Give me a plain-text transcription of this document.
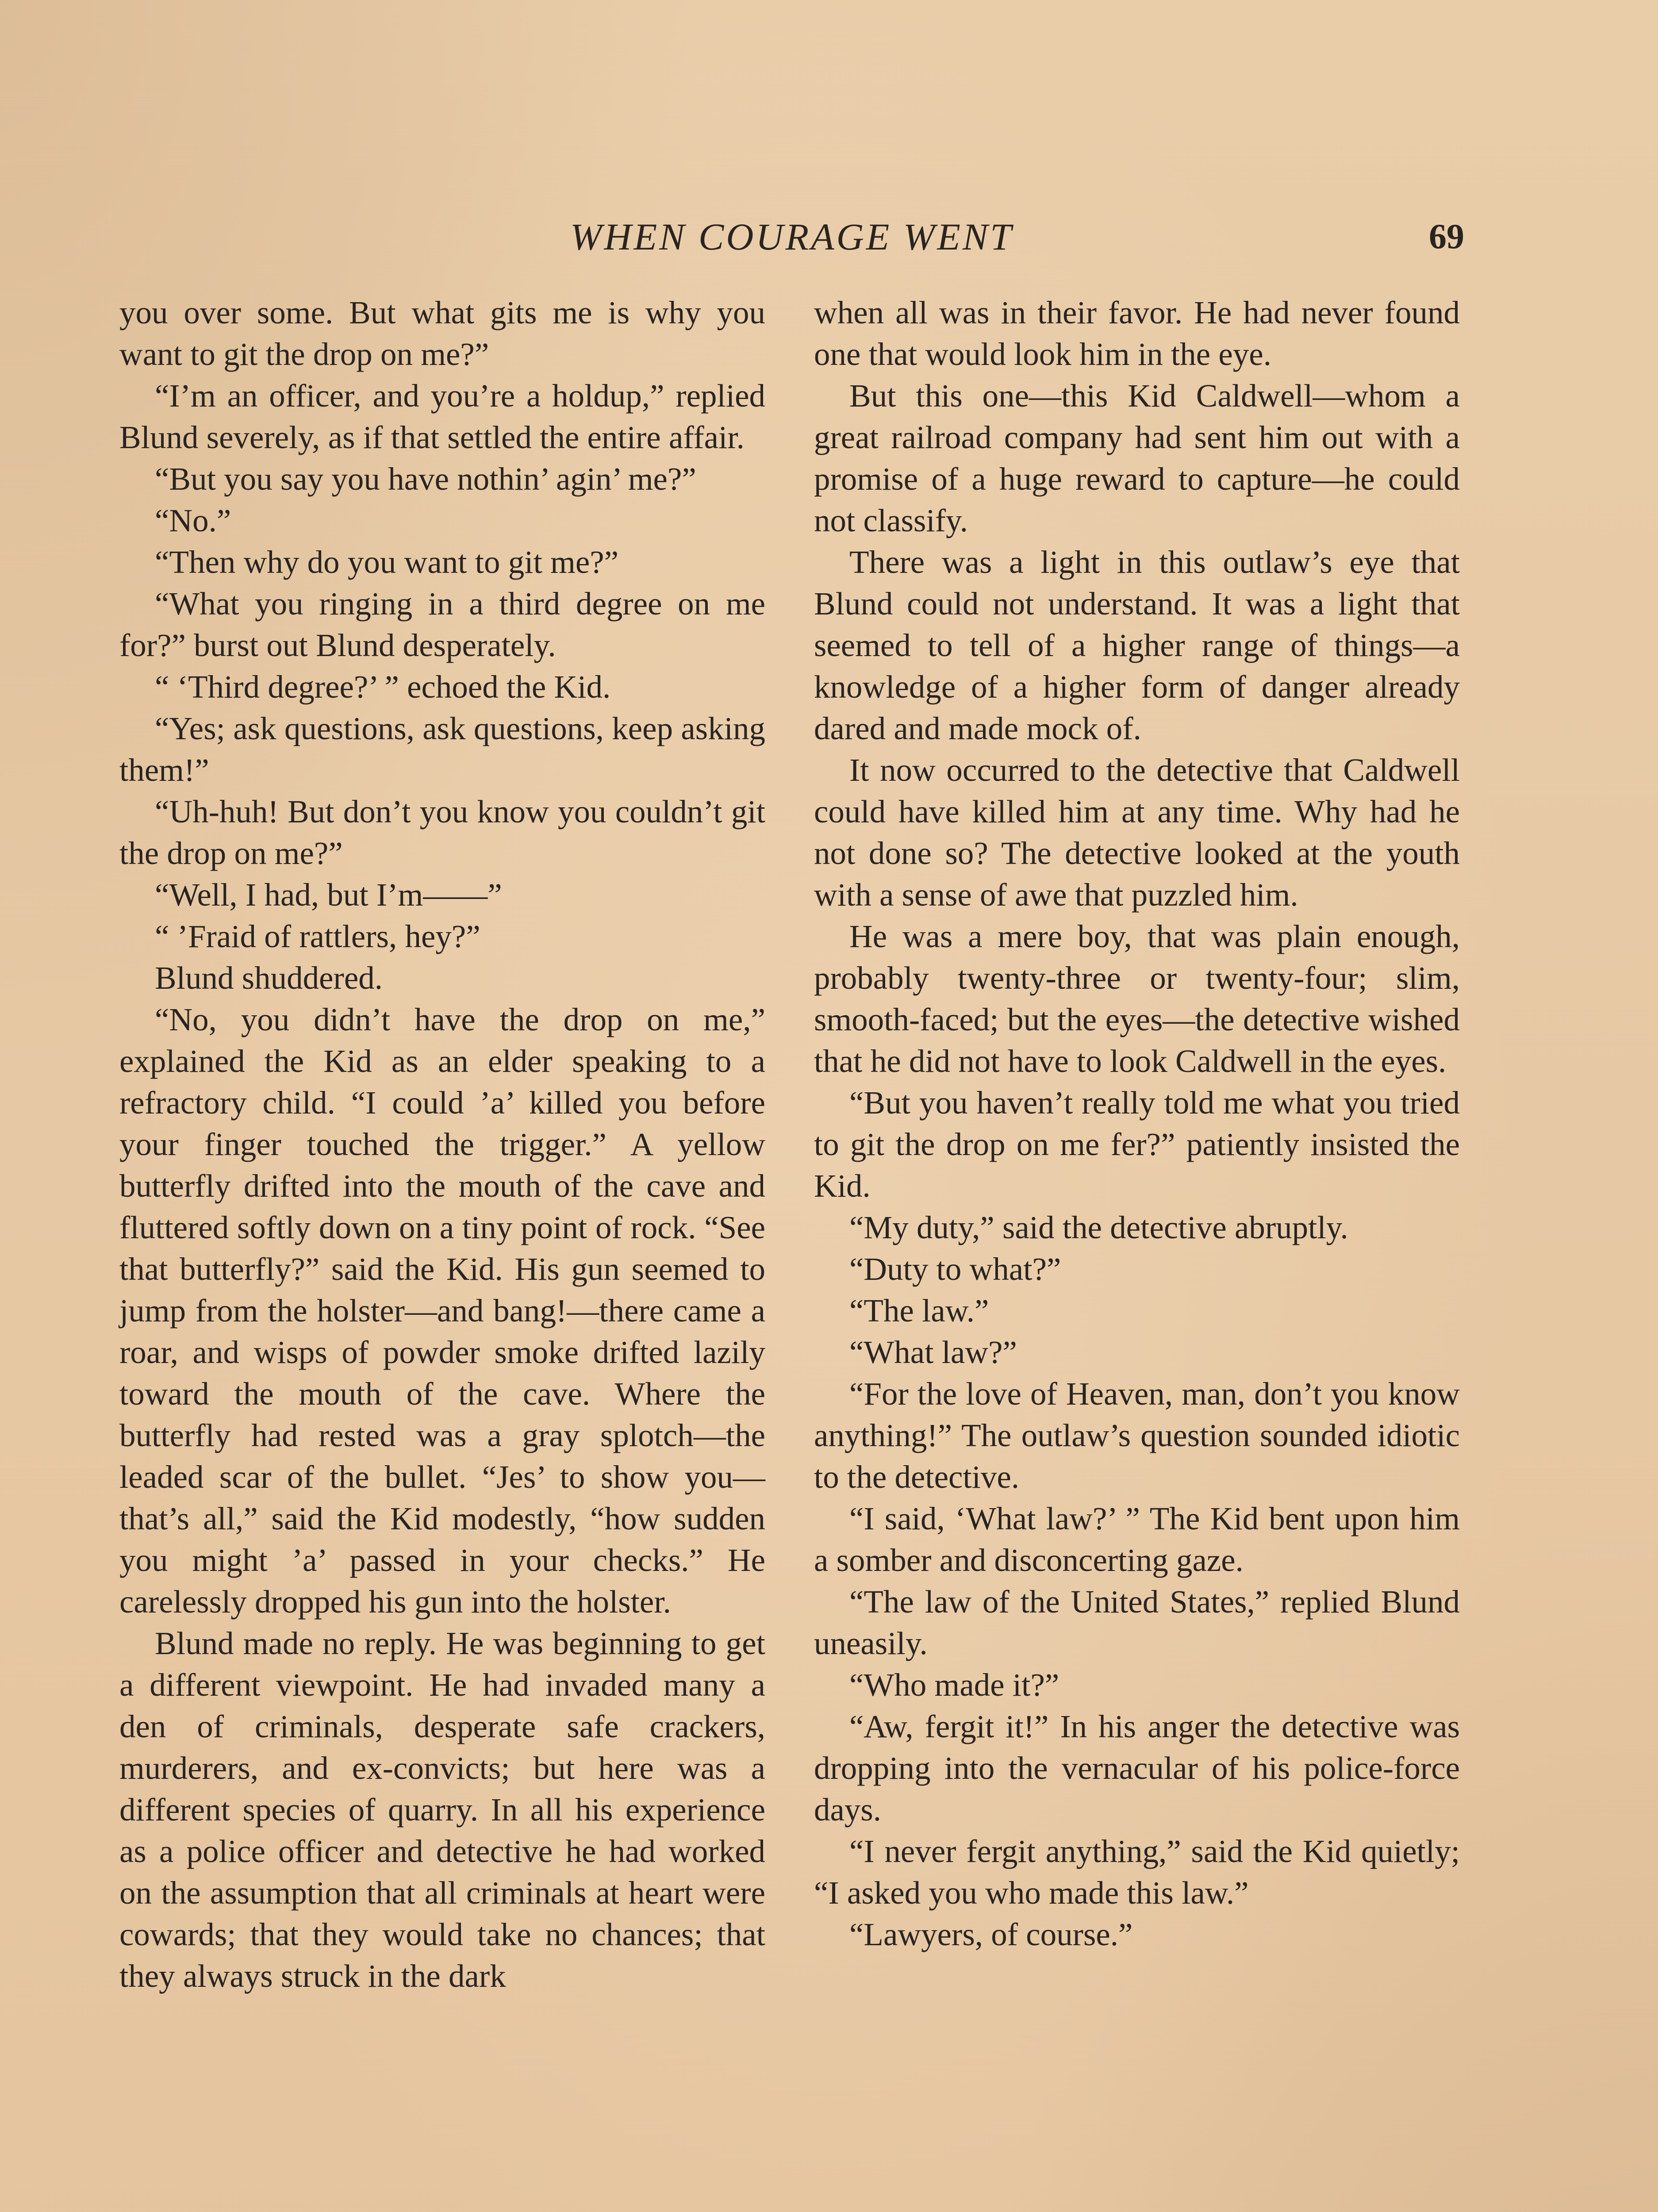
WHEN COURAGE WENT	69

you over some. But what gits me is why you want to git the drop on me?”

“I’m an officer, and you’re a holdup,” replied Blund severely, as if that settled the entire affair.

“But you say you have nothin’ agin’ me?”

“No.”

“Then why do you want to git me?”

“What you ringing in a third degree on me for?” burst out Blund desperately.

“ ‘Third degree?’ ” echoed the Kid.

“Yes; ask questions, ask questions, keep asking them!”

“Uh-huh! But don’t you know you couldn’t git the drop on me?”

“Well, I had, but I’m——”

“ ’Fraid of rattlers, hey?”

Blund shuddered.

“No, you didn’t have the drop on me,” explained the Kid as an elder speaking to a refractory child. “I could ’a’ killed you before your finger touched the trigger.” A yellow butterfly drifted into the mouth of the cave and fluttered softly down on a tiny point of rock. “See that butterfly?” said the Kid. His gun seemed to jump from the holster—and bang!—there came a roar, and wisps of powder smoke drifted lazily toward the mouth of the cave. Where the butterfly had rested was a gray splotch—the leaded scar of the bullet. “Jes’ to show you—that’s all,” said the Kid modestly, “how sudden you might ’a’ passed in your checks.” He carelessly dropped his gun into the holster.

Blund made no reply. He was beginning to get a different viewpoint. He had invaded many a den of criminals, desperate safe crackers, murderers, and ex-convicts; but here was a different species of quarry. In all his experience as a police officer and detective he had worked on the assumption that all criminals at heart were cowards; that they would take no chances; that they always struck in the dark

when all was in their favor. He had never found one that would look him in the eye.

But this one—this Kid Caldwell—whom a great railroad company had sent him out with a promise of a huge reward to capture—he could not classify.

There was a light in this outlaw’s eye that Blund could not understand. It was a light that seemed to tell of a higher range of things—a knowledge of a higher form of danger already dared and made mock of.

It now occurred to the detective that Caldwell could have killed him at any time. Why had he not done so? The detective looked at the youth with a sense of awe that puzzled him.

He was a mere boy, that was plain enough, probably twenty-three or twenty-four; slim, smooth-faced; but the eyes—the detective wished that he did not have to look Caldwell in the eyes.

“But you haven’t really told me what you tried to git the drop on me fer?” patiently insisted the Kid.

“My duty,” said the detective abruptly.

“Duty to what?”

“The law.”

“What law?”

“For the love of Heaven, man, don’t you know anything!” The outlaw’s question sounded idiotic to the detective.

“I said, ‘What law?’ ” The Kid bent upon him a somber and disconcerting gaze.

“The law of the United States,” replied Blund uneasily.

“Who made it?”

“Aw, fergit it!” In his anger the detective was dropping into the vernacular of his police-force days.

“I never fergit anything,” said the Kid quietly; “I asked you who made this law.”

“Lawyers, of course.”
